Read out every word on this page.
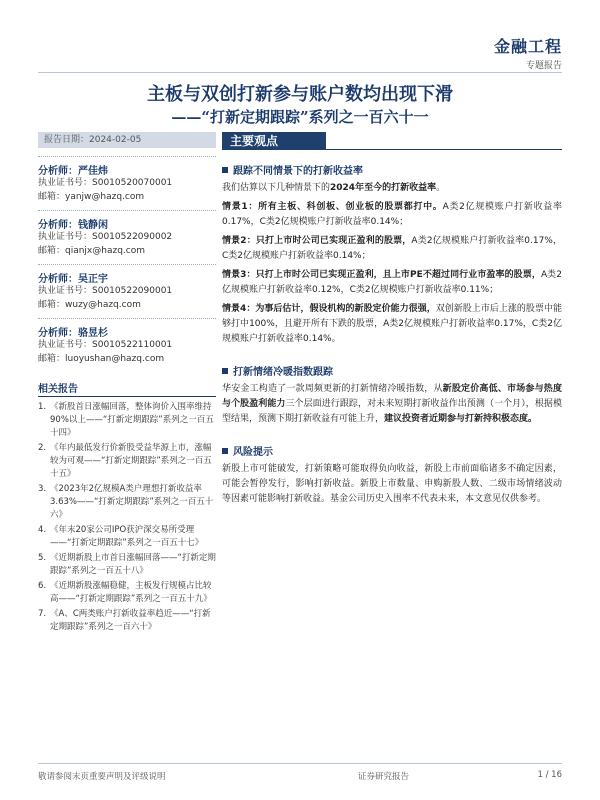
金融工程
专题报告
主板与双创打新参与账户数均出现下滑
——“打新定期跟踪”系列之一百六十一
报告日期：2024-02-05
分析师：严佳炜
执业证书号：S0010520070001
邮箱：yanjw@hazq.com
分析师：钱静闲
执业证书号：S0010522090002
邮箱：qianjx@hazq.com
分析师：吴正宇
执业证书号：S0010522090001
邮箱：wuzy@hazq.com
分析师：骆昱杉
执业证书号：S0010522110001
邮箱：luoyushan@hazq.com
相关报告
1. 《新股首日涨幅回落，整体询价入围率维持90%以上——“打新定期跟踪”系列之一百五十四》
2. 《年内最低发行价新股受益华源上市，涨幅较为可观——“打新定期跟踪”系列之一百五十五》
3. 《2023年2亿规模A类户理想打新收益率3.63%——“打新定期跟踪”系列之一百五十六》
4. 《年末20家公司IPO获沪深交易所受理——“打新定期跟踪”系列之一百五十七》
5. 《近期新股上市首日涨幅回落——“打新定期跟踪”系列之一百五十八》
6. 《近期新股涨幅稳健，主板发行规模占比较高——“打新定期跟踪”系列之一百五十九》
7. 《A、C两类账户打新收益率趋近——“打新定期跟踪”系列之一百六十》
主要观点
跟踪不同情景下的打新收益率
我们估算以下几种情景下的2024年至今的打新收益率。
情景1：所有主板、科创板、创业板的股票都打中。A类2亿规模账户打新收益率0.17%，C类2亿规模账户打新收益率0.14%；
情景2：只打上市时公司已实现正盈利的股票，A类2亿规模账户打新收益率0.17%，C类2亿规模账户打新收益率0.14%；
情景3：只打上市时公司已实现正盈利，且上市PE不超过同行业市盈率的股票，A类2亿规模账户打新收益率0.12%，C类2亿规模账户打新收益率0.11%；
情景4：为事后估计，假设机构的新股定价能力很强，双创新股上市后上涨的股票中能够打中100%，且避开所有下跌的股票，A类2亿规模账户打新收益率0.17%，C类2亿规模账户打新收益率0.14%。
打新情绪冷暖指数跟踪
华安金工构造了一款周频更新的打新情绪冷暖指数，从新股定价高低、市场参与热度与个股盈利能力三个层面进行跟踪，对未来短期打新收益作出预测（一个月），根据模型结果，预测下期打新收益有可能上升，建议投资者近期参与打新持积极态度。
风险提示
新股上市可能破发，打新策略可能取得负向收益，新股上市前面临诸多不确定因素，可能会暂停发行，影响打新收益。新股上市数量、申购新股人数、二级市场情绪波动等因素可能影响打新收益。基金公司历史入围率不代表未来，本文意见仅供参考。
敬请参阅末页重要声明及评级说明	证券研究报告	1 / 16
